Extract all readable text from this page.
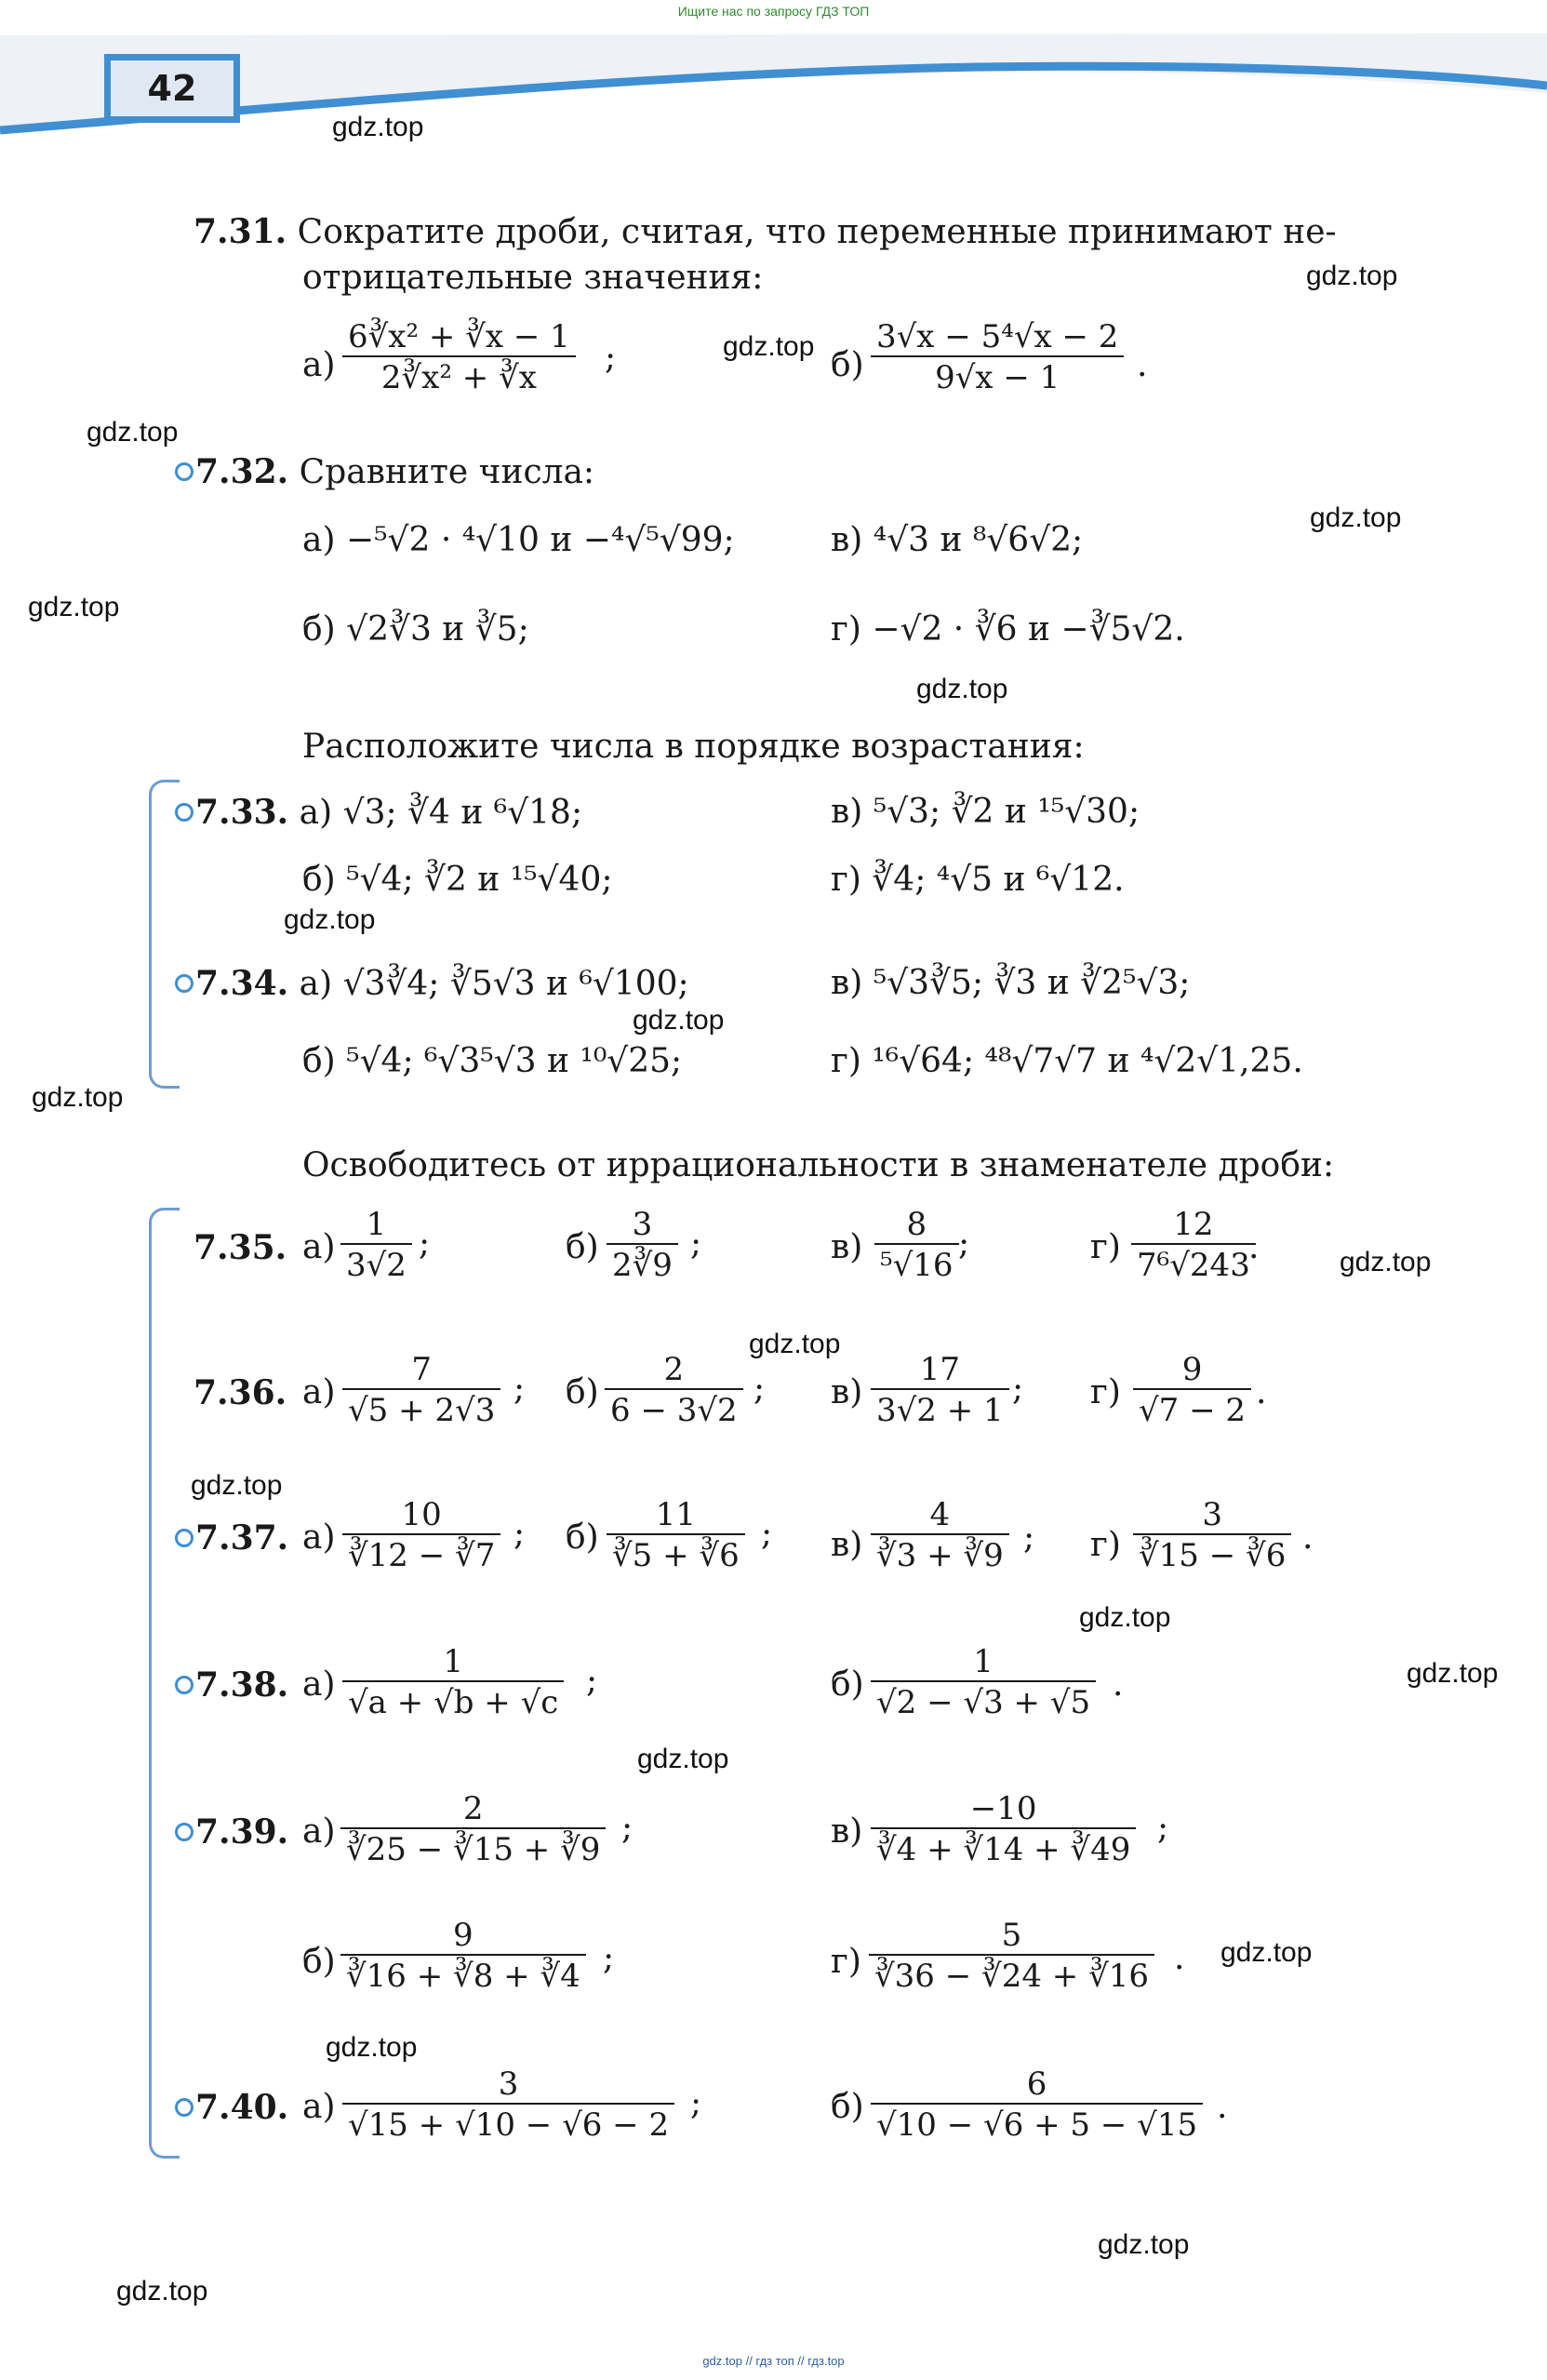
Ищите нас по запросу ГДЗ ТОП
42
gdz.top
gdz.top
gdz.top
gdz.top
gdz.top
gdz.top
gdz.top
gdz.top
gdz.top
gdz.top
gdz.top
gdz.top
gdz.top
gdz.top
gdz.top
gdz.top
gdz.top
gdz.top
gdz.top
gdz.top
7.31. Сократите дроби, считая, что переменные принимают не-
отрицательные значения:
$а) \frac{\text{6∛x² + ∛x − 1}}{\text{2∛x² + ∛x}}$ ;	$б) \frac{\text{3√x − 5⁴√x − 2}}{9√x - 1}$ .
7.32. Сравните числа:
а) −⁵√2 · ⁴√10 и −⁴√⁵√99;	в) ⁴√3 и ⁸√6√2;
б) √2∛3 и ∛5;	г) −√2 · ∛6 и −∛5√2.
Расположите числа в порядке возрастания:
7.33. а) √3; ∛4 и ⁶√18;	в) ⁵√3; ∛2 и ¹⁵√30;
б) ⁵√4; ∛2 и ¹⁵√40;	г) ∛4; ⁴√5 и ⁶√12.
7.34. а) √3∛4; ∛5√3 и ⁶√100;	в) ⁵√3∛5; ∛3 и ∛2⁵√3;
б) ⁵√4; ⁶√3⁵√3 и ¹⁰√25;	г) ¹⁶√64; ⁴⁸√7√7 и ⁴√2√1,25.
Освободитесь от иррациональности в знаменателе дроби:
7.35. $а) \frac{1}{3√2}$ ;	$б) \frac{3}{2∛9}$ ;	$в) \frac{8}{\text{⁵√16}}$ ;	$г) \frac{12}{\text{7⁶√243}}$
.
7.36. $а) \frac{7}{√5 + 2√3}$ ; $б) \frac{2}{6 - 3√2}$ ; $в) \frac{17}{3√2 + 1}$ ; $г) \frac{9}{√7 - 2}$ .
7.37. $а) \frac{10}{∛12 - ∛7}$ ; $б) \frac{11}{∛5 + ∛6}$ ; $в) \frac{4}{∛3 + ∛9}$ ; $г) \frac{3}{∛15 - ∛6}$ .
7.38. $а) \frac{1}{√a + √b + √c}$ ;	$б) \frac{1}{√2 - √3 + √5}$ .
7.39. $а) \frac{2}{∛25 - ∛15 + ∛9}$ ;	$в) \frac{-10}{∛4 + ∛14 + ∛49}$ ;
$б) \frac{9}{∛16 + ∛8 + ∛4}$ ;	$г) \frac{5}{∛36 - ∛24 + ∛16}$ .
7.40. $а) \frac{3}{√15 + √10 - √6 - 2}$ ;	$б) \frac{6}{√10 - √6 + 5 - √15}$ .
gdz.top // гдз топ // гдз.top
